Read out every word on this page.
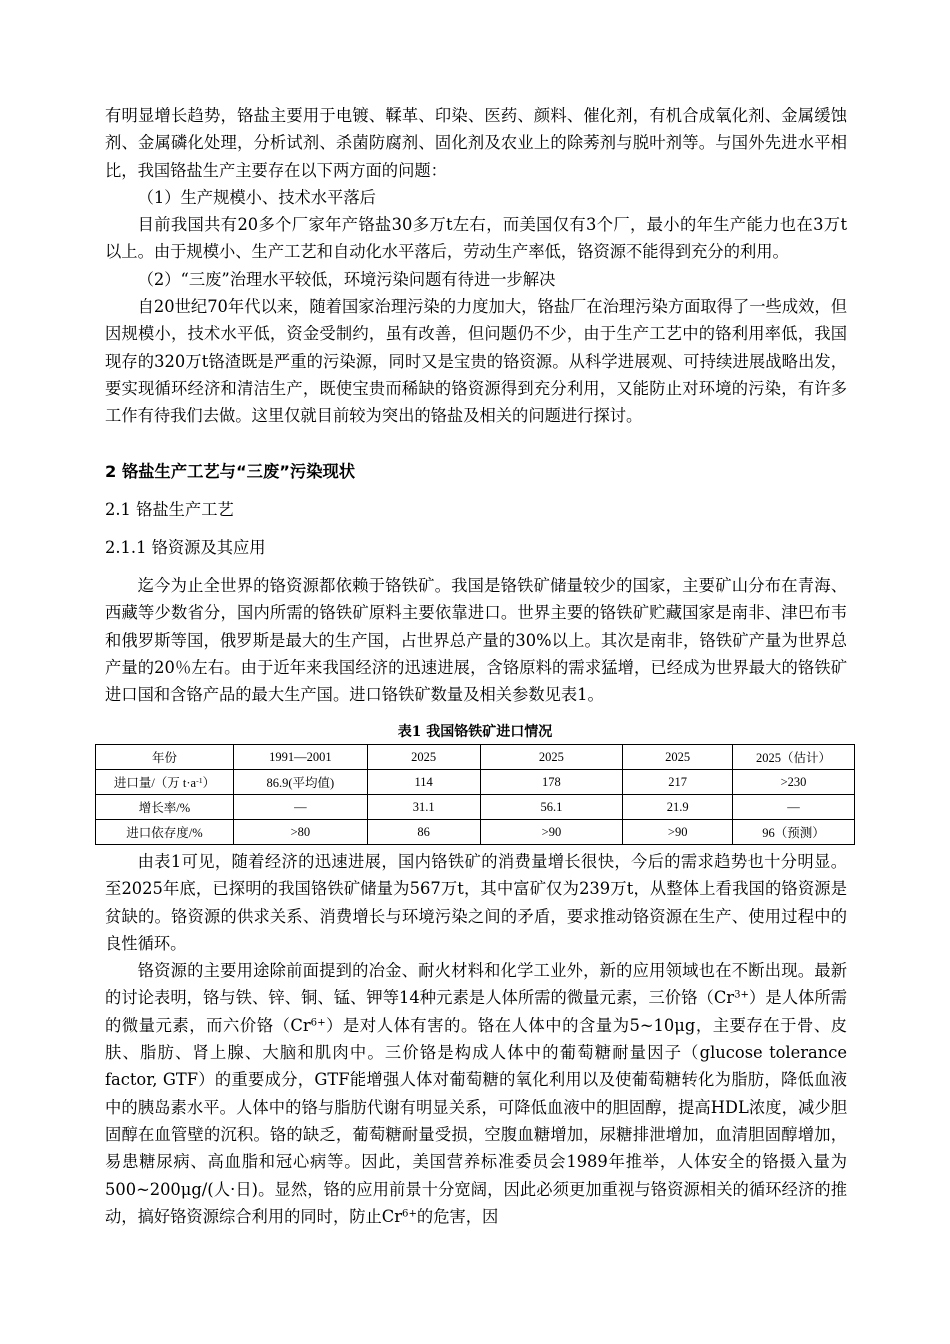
有明显增长趋势，铬盐主要用于电镀、鞣革、印染、医药、颜料、催化剂，有机合成氧化剂、金属缓蚀剂、金属磷化处理，分析试剂、杀菌防腐剂、固化剂及农业上的除莠剂与脱叶剂等。与国外先进水平相比，我国铬盐生产主要存在以下两方面的问题：

（1）生产规模小、技术水平落后

目前我国共有20多个厂家年产铬盐30多万t左右，而美国仅有3个厂，最小的年生产能力也在3万t以上。由于规模小、生产工艺和自动化水平落后，劳动生产率低，铬资源不能得到充分的利用。

（2）“三废”治理水平较低，环境污染问题有待进一步解决

自20世纪70年代以来，随着国家治理污染的力度加大，铬盐厂在治理污染方面取得了一些成效，但因规模小，技术水平低，资金受制约，虽有改善，但问题仍不少，由于生产工艺中的铬利用率低，我国现存的320万t铬渣既是严重的污染源，同时又是宝贵的铬资源。从科学进展观、可持续进展战略出发，要实现循环经济和清洁生产，既使宝贵而稀缺的铬资源得到充分利用，又能防止对环境的污染，有许多工作有待我们去做。这里仅就目前较为突出的铬盐及相关的问题进行探讨。

2 铬盐生产工艺与“三废”污染现状
2.1 铬盐生产工艺
2.1.1 铬资源及其应用

迄今为止全世界的铬资源都依赖于铬铁矿。我国是铬铁矿储量较少的国家，主要矿山分布在青海、西藏等少数省分，国内所需的铬铁矿原料主要依靠进口。世界主要的铬铁矿贮藏国家是南非、津巴布韦和俄罗斯等国，俄罗斯是最大的生产国，占世界总产量的30%以上。其次是南非，铬铁矿产量为世界总产量的20％左右。由于近年来我国经济的迅速进展，含铬原料的需求猛增，已经成为世界最大的铬铁矿进口国和含铬产品的最大生产国。进口铬铁矿数量及相关参数见表1。

表1 我国铬铁矿进口情况
年份	1991—2001	2025	2025	2025	2025（估计）
进口量/（万 $t\cdot a^{-1}$）	86.9(平均值)	114	178	217	>230
增长率/%	—	31.1	56.1	21.9	—
进口依存度/%	>80	86	>90	>90	96（预测）

由表1可见，随着经济的迅速进展，国内铬铁矿的消费量增长很快，今后的需求趋势也十分明显。至2025年底，已探明的我国铬铁矿储量为567万t，其中富矿仅为239万t，从整体上看我国的铬资源是贫缺的。铬资源的供求关系、消费增长与环境污染之间的矛盾，要求推动铬资源在生产、使用过程中的良性循环。

铬资源的主要用途除前面提到的冶金、耐火材料和化学工业外，新的应用领域也在不断出现。最新的讨论表明，铬与铁、锌、铜、锰、钾等14种元素是人体所需的微量元素，三价铬$(Cr^{3+})$是人体所需的微量元素，而六价铬$(Cr^{6+})$是对人体有害的。铬在人体中的含量为5~10μg，主要存在于骨、皮肤、脂肪、肾上腺、大脑和肌肉中。三价铬是构成人体中的葡萄糖耐量因子（glucose tolerance factor, GTF）的重要成分，GTF能增强人体对葡萄糖的氧化利用以及使葡萄糖转化为脂肪，降低血液中的胰岛素水平。人体中的铬与脂肪代谢有明显关系，可降低血液中的胆固醇，提高HDL浓度，减少胆固醇在血管壁的沉积。铬的缺乏，葡萄糖耐量受损，空腹血糖增加，尿糖排泄增加，血清胆固醇增加，易患糖尿病、高血脂和冠心病等。因此，美国营养标准委员会1989年推举，人体安全的铬摄入量为500~200μg/(人·日)。显然，铬的应用前景十分宽阔，因此必须更加重视与铬资源相关的循环经济的推动，搞好铬资源综合利用的同时，防止$Cr^{6+}$的危害，因
